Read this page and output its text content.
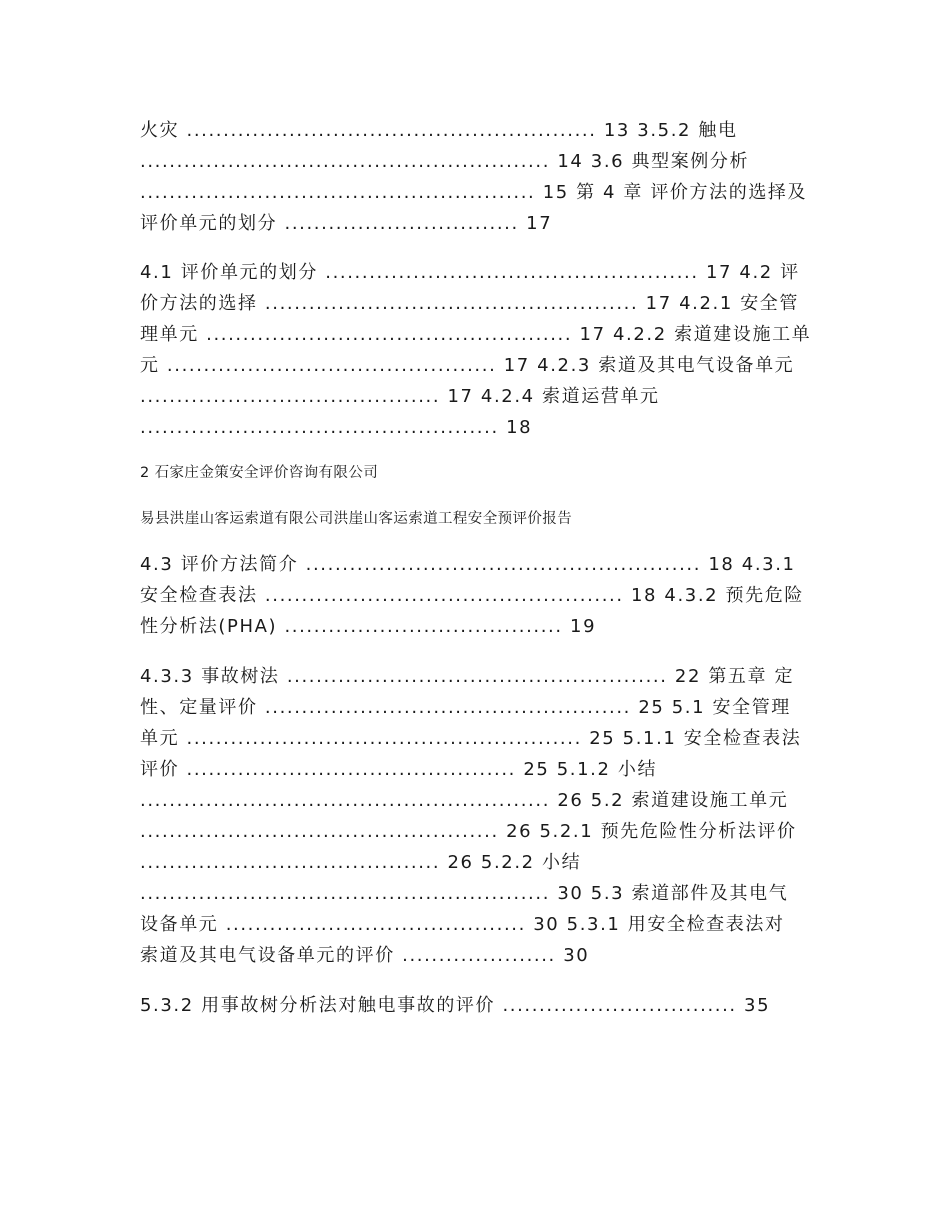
火灾 ........................................................ 13 3.5.2 触电
........................................................ 14 3.6 典型案例分析
...................................................... 15 第 4 章 评价方法的选择及
评价单元的划分 ................................ 17
4.1 评价单元的划分 ................................................... 17 4.2 评
价方法的选择 ................................................... 17 4.2.1 安全管
理单元 .................................................. 17 4.2.2 索道建设施工单
元 ............................................. 17 4.2.3 索道及其电气设备单元
......................................... 17 4.2.4 索道运营单元
................................................. 18
2 石家庄金策安全评价咨询有限公司
易县洪崖山客运索道有限公司洪崖山客运索道工程安全预评价报告
4.3 评价方法简介 ...................................................... 18 4.3.1
安全检查表法 ................................................. 18 4.3.2 预先危险
性分析法(PHA) ...................................... 19
4.3.3 事故树法 .................................................... 22 第五章 定
性、定量评价 .................................................. 25 5.1 安全管理
单元 ...................................................... 25 5.1.1 安全检查表法
评价 ............................................. 25 5.1.2 小结
........................................................ 26 5.2 索道建设施工单元
................................................. 26 5.2.1 预先危险性分析法评价
......................................... 26 5.2.2 小结
........................................................ 30 5.3 索道部件及其电气
设备单元 ......................................... 30 5.3.1 用安全检查表法对
索道及其电气设备单元的评价 ..................... 30
5.3.2 用事故树分析法对触电事故的评价 ................................ 35
